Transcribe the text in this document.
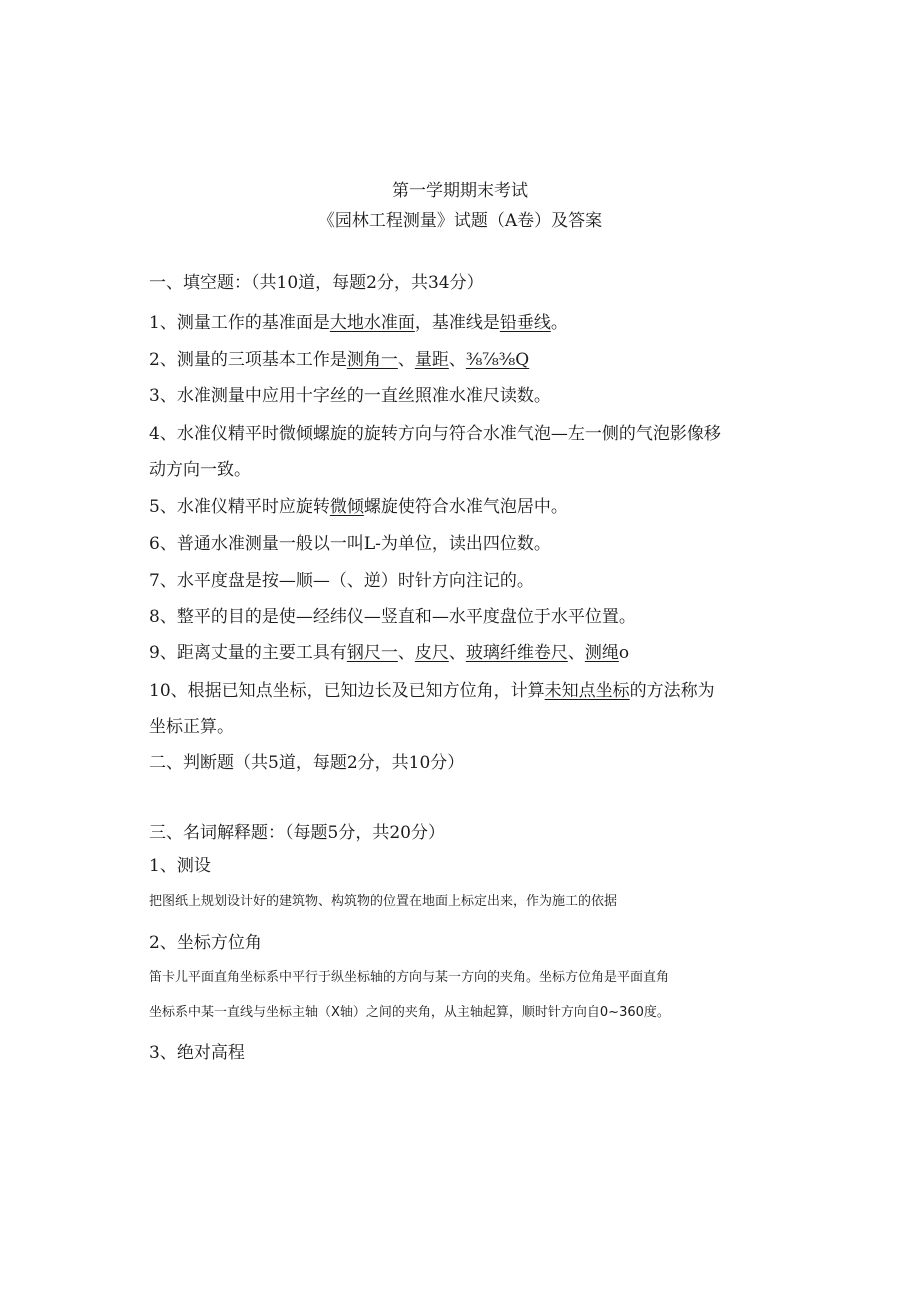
第一学期期末考试
《园林工程测量》试题（A卷）及答案
一、填空题：（共10道，每题2分，共34分）
1、测量工作的基准面是大地水准面，基准线是铅垂线。
2、测量的三项基本工作是测角一、量距、⅜⅞⅜Q
3、水准测量中应用十字丝的一直丝照准水准尺读数。
4、水准仪精平时微倾螺旋的旋转方向与符合水准气泡—左一侧的气泡影像移
动方向一致。
5、水准仪精平时应旋转微倾螺旋使符合水准气泡居中。
6、普通水准测量一般以一叫L-为单位，读出四位数。
7、水平度盘是按—顺—（、逆）时针方向注记的。
8、整平的目的是使—经纬仪—竖直和—水平度盘位于水平位置。
9、距离丈量的主要工具有钢尺一、皮尺、玻璃纤维卷尺、测绳o
10、根据已知点坐标，已知边长及已知方位角，计算未知点坐标的方法称为
坐标正算。
二、判断题（共5道，每题2分，共10分）
三、名词解释题：（每题5分，共20分）
1、测设
把图纸上规划设计好的建筑物、构筑物的位置在地面上标定出来，作为施工的依据
2、坐标方位角
笛卡儿平面直角坐标系中平行于纵坐标轴的方向与某一方向的夹角。坐标方位角是平面直角
坐标系中某一直线与坐标主轴（X轴）之间的夹角，从主轴起算，顺时针方向自0~360度。
3、绝对高程
